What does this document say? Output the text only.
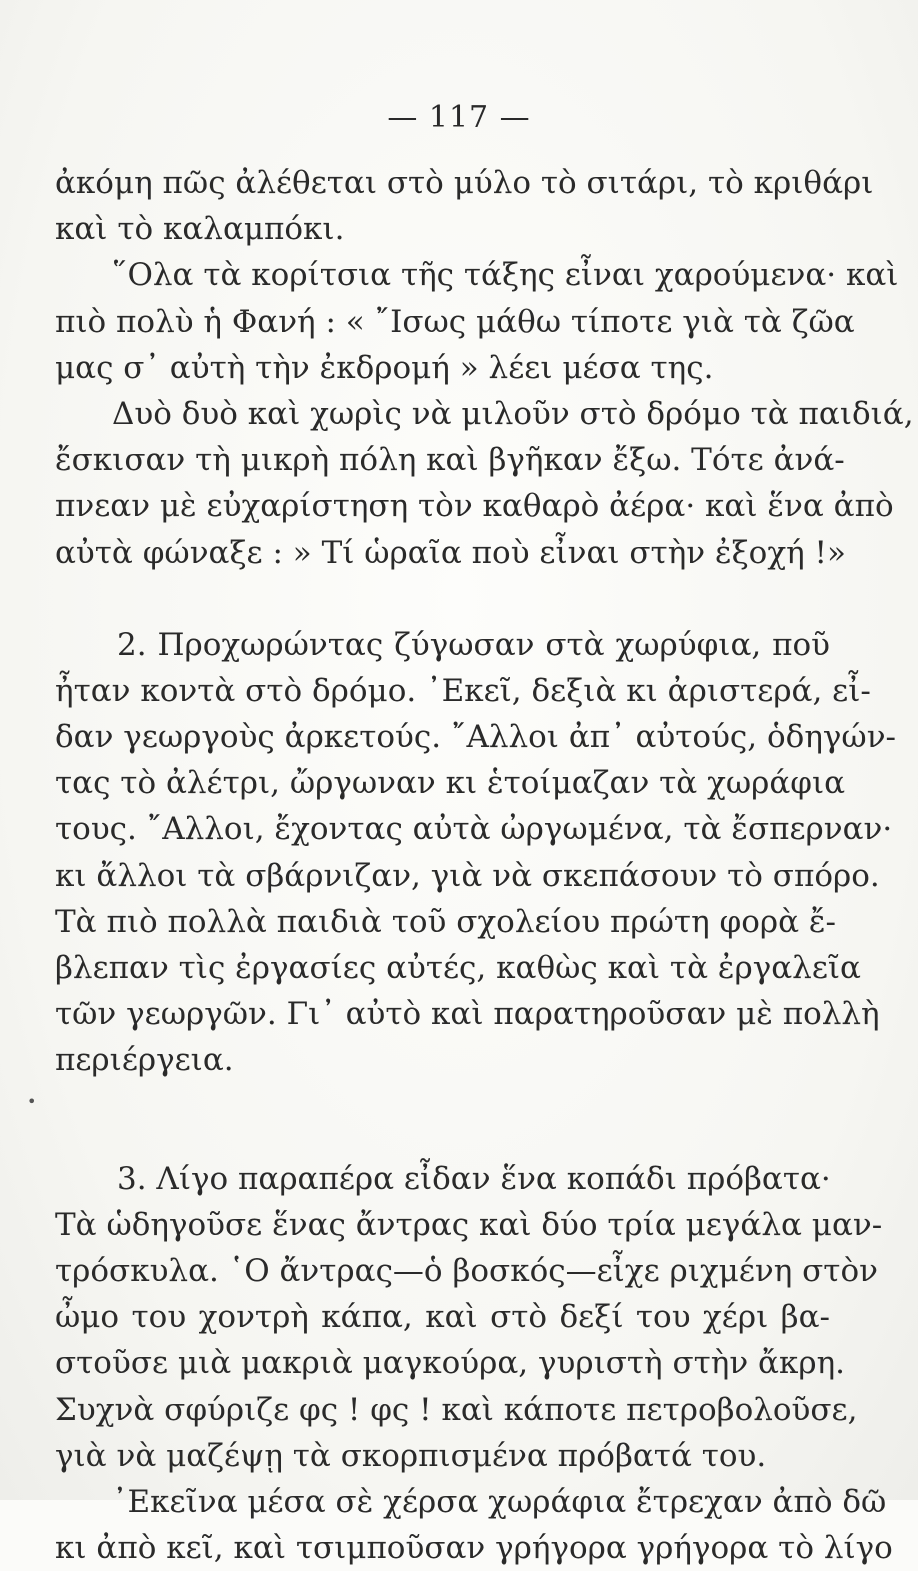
— 117 —
ἀκόμη πῶς ἀλέθεται στὸ μύλο τὸ σιτάρι, τὸ κριθάρι
καὶ τὸ καλαμπόκι.
῞Ολα τὰ κορίτσια τῆς τάξης εἶναι χαρούμενα· καὶ
πιὸ πολὺ ἡ Φανή : « ῎Ισως μάθω τίποτε γιὰ τὰ ζῶα
μας σ᾽ αὐτὴ τὴν ἐκδρομή » λέει μέσα της.
Δυὸ δυὸ καὶ χωρὶς νὰ μιλοῦν στὸ δρόμο τὰ παιδιά,
ἔσκισαν τὴ μικρὴ πόλη καὶ βγῆκαν ἔξω. Τότε ἀνά-
πνεαν μὲ εὐχαρίστηση τὸν καθαρὸ ἀέρα· καὶ ἕνα ἀπὸ
αὐτὰ φώναξε : » Τί ὡραῖα ποὺ εἶναι στὴν ἐξοχή !»
2. Προχωρώντας ζύγωσαν στὰ χωρύφια, ποῦ
ἦταν κοντὰ στὸ δρόμο. ᾽Εκεῖ, δεξιὰ κι ἀριστερά, εἶ-
δαν γεωργοὺς ἀρκετούς. ῎Αλλοι ἀπ᾽ αὐτούς, ὁδηγών-
τας τὸ ἀλέτρι, ὤργωναν κι ἑτοίμαζαν τὰ χωράφια
τους. ῎Αλλοι, ἔχοντας αὐτὰ ὠργωμένα, τὰ ἔσπερναν·
κι ἄλλοι τὰ σβάρνιζαν, γιὰ νὰ σκεπάσουν τὸ σπόρο.
Τὰ πιὸ πολλὰ παιδιὰ τοῦ σχολείου πρώτη φορὰ ἔ-
βλεπαν τὶς ἐργασίες αὐτές, καθὼς καὶ τὰ ἐργαλεῖα
τῶν γεωργῶν. Γι᾽ αὐτὸ καὶ παρατηροῦσαν μὲ πολλὴ
περιέργεια.
3. Λίγο παραπέρα εἶδαν ἕνα κοπάδι πρόβατα·
Τὰ ὡδηγοῦσε ἕνας ἄντρας καὶ δύο τρία μεγάλα μαν-
τρόσκυλα. ῾Ο ἄντρας—ὁ βοσκός—εἶχε ριχμένη στὸν
ὦμο του χοντρὴ κάπα, καὶ στὸ δεξί του χέρι βα-
στοῦσε μιὰ μακριὰ μαγκούρα, γυριστὴ στὴν ἄκρη.
Συχνὰ σφύριζε φς ! φς ! καὶ κάποτε πετροβολοῦσε,
γιὰ νὰ μαζέψῃ τὰ σκορπισμένα πρόβατά του.
᾽Εκεῖνα μέσα σὲ χέρσα χωράφια ἔτρεχαν ἀπὸ δῶ
κι ἀπὸ κεῖ, καὶ τσιμποῦσαν γρήγορα γρήγορα τὸ λίγο
•
